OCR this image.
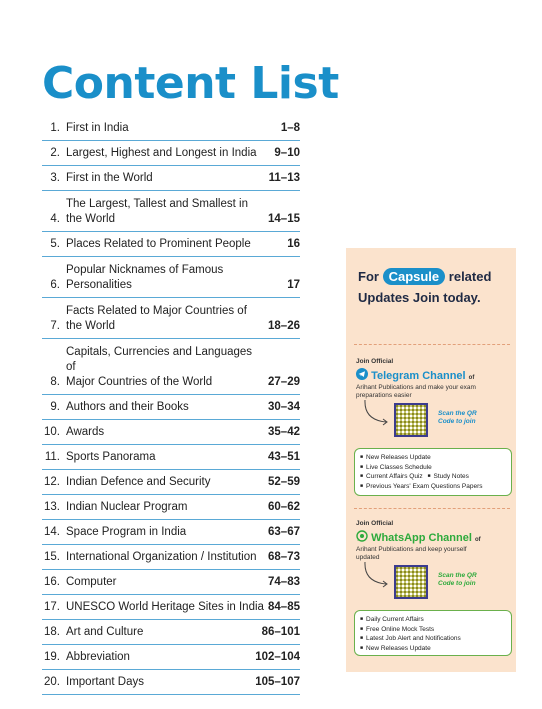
Content List
1. First in India	1–8
2. Largest, Highest and Longest in India	9–10
3. First in the World	11–13
4.
The Largest, Tallest and Smallest in
the World	14–15
5. Places Related to Prominent People	16
6.
Popular Nicknames of Famous
Personalities	17
7.
Facts Related to Major Countries of
the World	18–26
8.
Capitals, Currencies and Languages of
Major Countries of the World	27–29
9. Authors and their Books	30–34
10. Awards	35–42
11. Sports Panorama	43–51
12. Indian Defence and Security	52–59
13. Indian Nuclear Program	60–62
14. Space Program in India	63–67
15. International Organization / Institution	68–73
16. Computer	74–83
17. UNESCO World Heritage Sites in India 84–85
18. Art and Culture	86–101
19. Abbreviation	102–104
20. Important Days	105–107
For Capsule related
Updates Join today.
Join Official
Telegram Channel of
Arihant Publications and make your exam preparations easier
Scan the QR Code to join
■ New Releases Update
■ Live Classes Schedule
■ Current Affairs Quiz ■ Study Notes
■ Previous Years' Exam Questions Papers
Join Official
WhatsApp Channel of
Arihant Publications and keep yourself updated
Scan the QR Code to join
■ Daily Current Affairs
■ Free Online Mock Tests
■ Latest Job Alert and Notifications
■ New Releases Update
